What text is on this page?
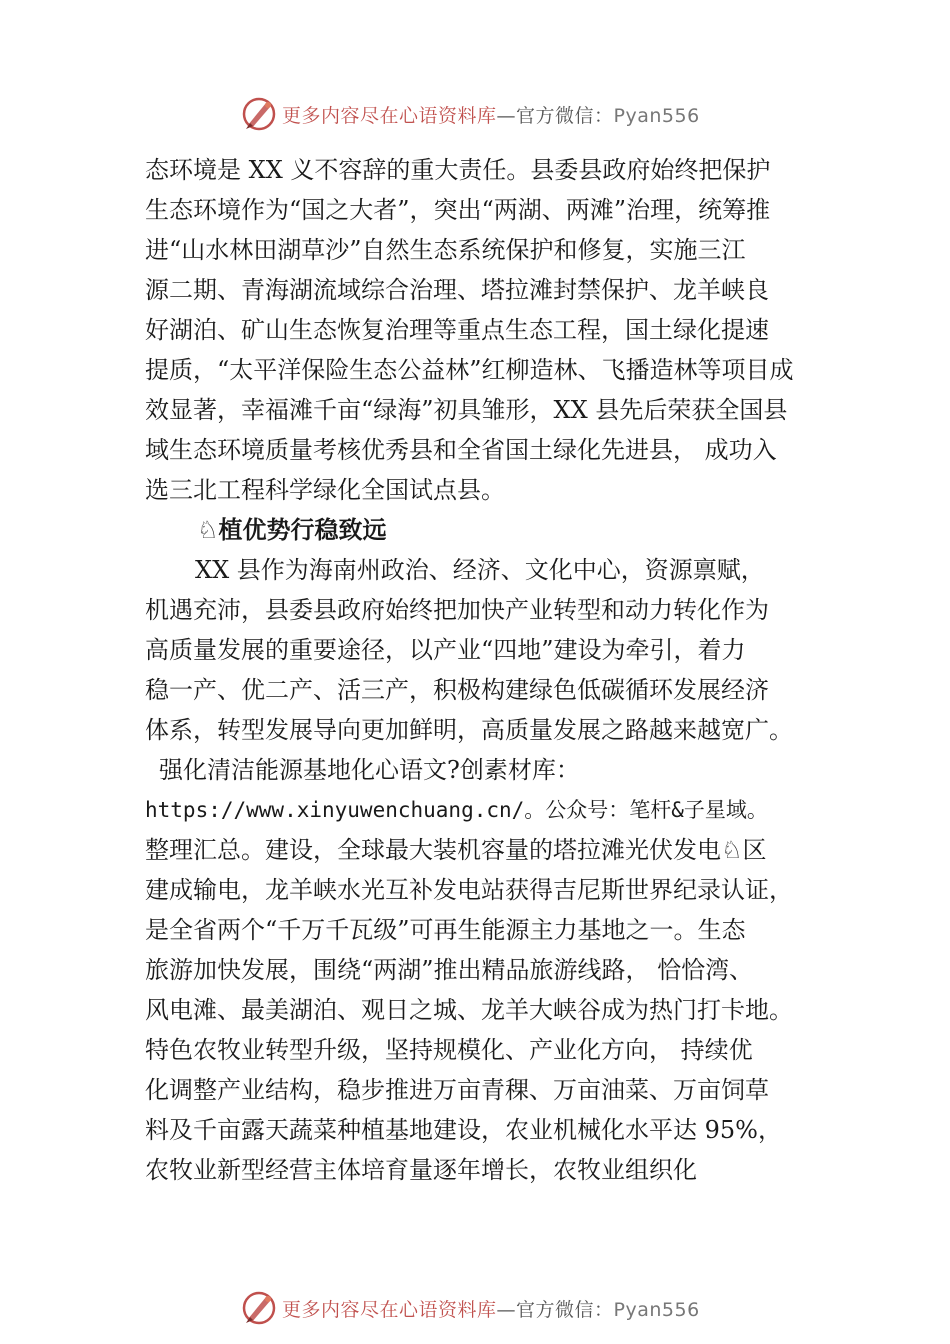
更多内容尽在心语资料库—官方微信：Pyan556
态环境是 XX 义不容辞的重大责任。县委县政府始终把保护
生态环境作为“国之大者”，突出“两湖、两滩”治理，统筹推
进“山水林田湖草沙”自然生态系统保护和修复，实施三江
源二期、青海湖流域综合治理、塔拉滩封禁保护、龙羊峡良
好湖泊、矿山生态恢复治理等重点生态工程，国土绿化提速
提质，“太平洋保险生态公益林”红柳造林、飞播造林等项目成
效显著，幸福滩千亩“绿海”初具雏形，XX 县先后荣获全国县
域生态环境质量考核优秀县和全省国土绿化先进县， 成功入
选三北工程科学绿化全国试点县。
♘植优势行稳致远
XX 县作为海南州政治、经济、文化中心，资源禀赋，
机遇充沛，县委县政府始终把加快产业转型和动力转化作为
高质量发展的重要途径，以产业“四地”建设为牵引，着力
稳一产、优二产、活三产，积极构建绿色低碳循环发展经济
体系，转型发展导向更加鲜明，高质量发展之路越来越宽广。
强化清洁能源基地化心语文?创素材库：
https://www.xinyuwenchuang.cn/。公众号：笔杆&子星域。
整理汇总。建设，全球最大装机容量的塔拉滩光伏发电♘区
建成输电，龙羊峡水光互补发电站获得吉尼斯世界纪录认证，
是全省两个“千万千瓦级”可再生能源主力基地之一。生态
旅游加快发展，围绕“两湖”推出精品旅游线路， 恰恰湾、
风电滩、最美湖泊、观日之城、龙羊大峡谷成为热门打卡地。
特色农牧业转型升级，坚持规模化、产业化方向， 持续优
化调整产业结构，稳步推进万亩青稞、万亩油菜、万亩饲草
料及千亩露天蔬菜种植基地建设，农业机械化水平达 95%，
农牧业新型经营主体培育量逐年增长，农牧业组织化
更多内容尽在心语资料库—官方微信：Pyan556
